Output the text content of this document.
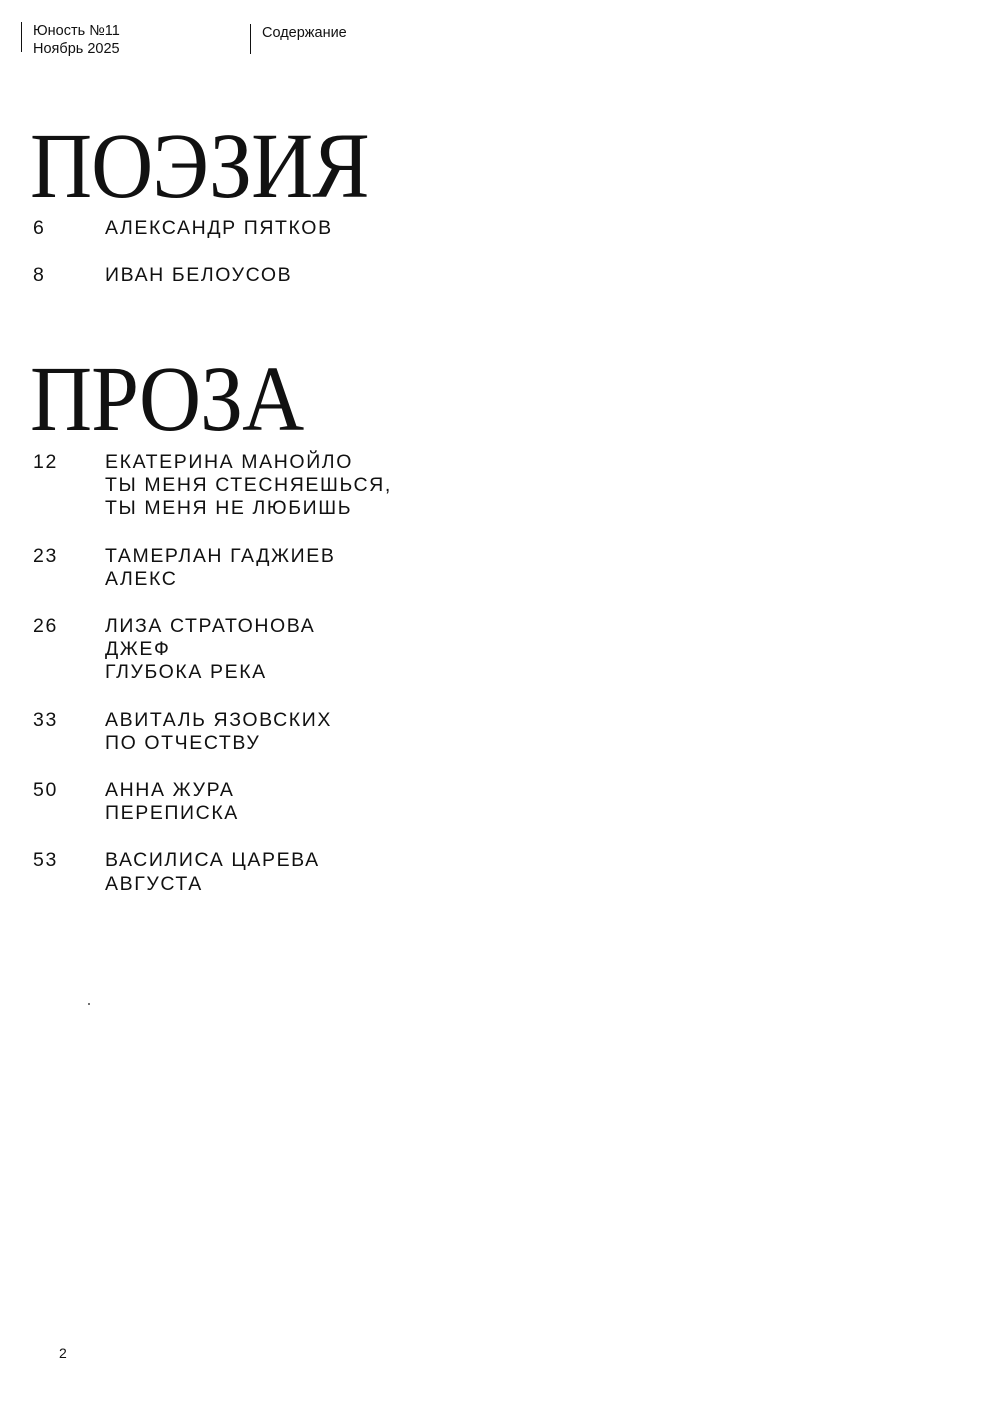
Юность №11
Ноябрь 2025
Содержание
ПОЭЗИЯ
6	АЛЕКСАНДР ПЯТКОВ
8	ИВАН БЕЛОУСОВ
ПРОЗА
12	ЕКАТЕРИНА МАНОЙЛО
ТЫ МЕНЯ СТЕСНЯЕШЬСЯ,
ТЫ МЕНЯ НЕ ЛЮБИШЬ
23	ТАМЕРЛАН ГАДЖИЕВ
АЛЕКС
26	ЛИЗА СТРАТОНОВА
ДЖЕФ
ГЛУБОКА РЕКА
33	АВИТАЛЬ ЯЗОВСКИХ
ПО ОТЧЕСТВУ
50	АННА ЖУРА
ПЕРЕПИСКА
53	ВАСИЛИСА ЦАРЕВА
АВГУСТА
2
